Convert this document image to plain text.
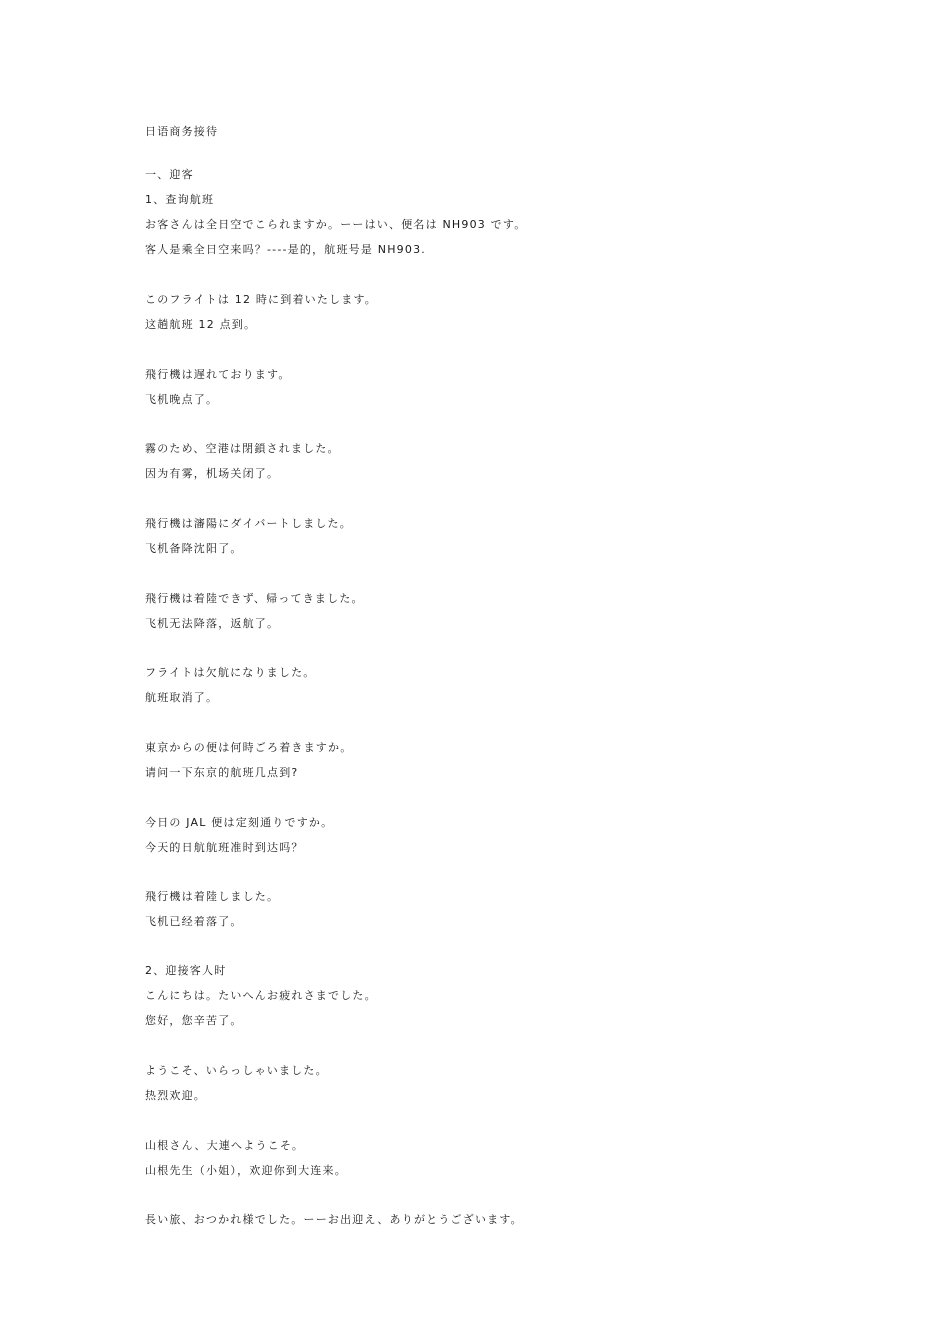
日语商务接待
一、迎客
1、查询航班
お客さんは全日空でこられますか。ーーはい、便名は NH903 です。
客人是乘全日空来吗？----是的，航班号是 NH903.
このフライトは 12 時に到着いたします。
这趟航班 12 点到。
飛行機は遅れております。
飞机晚点了。
霧のため、空港は閉鎖されました。
因为有雾，机场关闭了。
飛行機は瀋陽にダイバートしました。
飞机备降沈阳了。
飛行機は着陸できず、帰ってきました。
飞机无法降落，返航了。
フライトは欠航になりました。
航班取消了。
東京からの便は何時ごろ着きますか。
请问一下东京的航班几点到?
今日の JAL 便は定刻通りですか。
今天的日航航班准时到达吗？
飛行機は着陸しました。
飞机已经着落了。
2、迎接客人时
こんにちは。たいへんお疲れさまでした。
您好，您辛苦了。
ようこそ、いらっしゃいました。
热烈欢迎。
山根さん、大連へようこそ。
山根先生（小姐），欢迎你到大连来。
長い旅、おつかれ様でした。ーーお出迎え、ありがとうございます。
